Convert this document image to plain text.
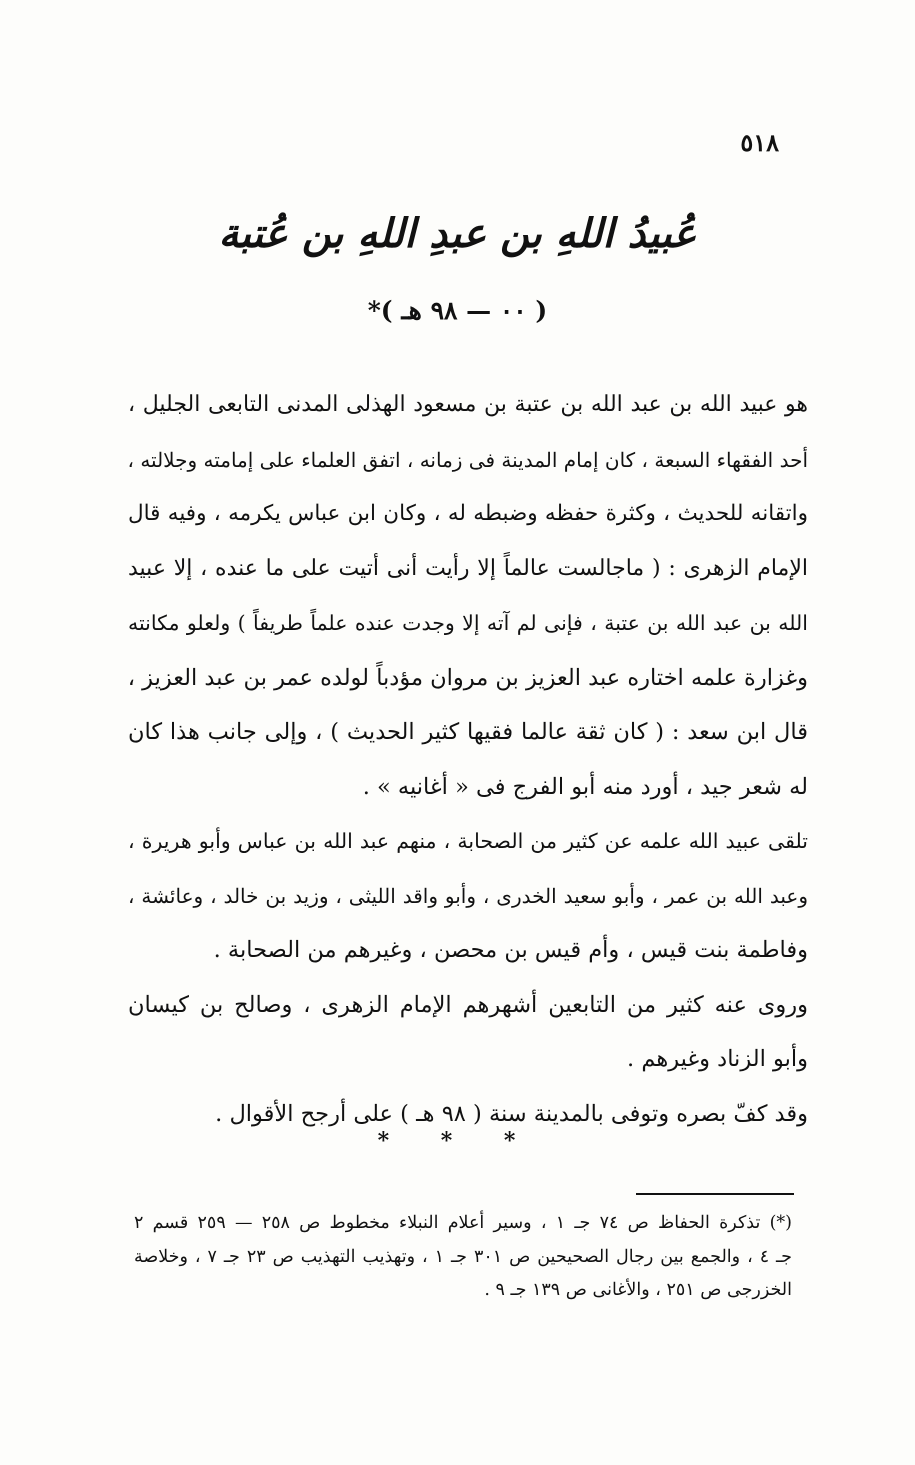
٥١٨
عُبيدُ اللهِ بن عبدِ اللهِ بن عُتبة
( ٠٠ — ٩٨ هـ )*
هو عبيد الله بن عبد الله بن عتبة بن مسعود الهذلى المدنى التابعى الجليل ،
أحد الفقهاء السبعة ، كان إمام المدينة فى زمانه ، اتفق العلماء على إمامته وجلالته ،
واتقانه للحديث ، وكثرة حفظه وضبطه له ، وكان ابن عباس يكرمه ، وفيه قال
الإمام الزهرى : ( ماجالست عالماً إلا رأيت أنى أتيت على ما عنده ، إلا عبيد
الله بن عبد الله بن عتبة ، فإنى لم آته إلا وجدت عنده علماً طريفاً ) ولعلو مكانته
وغزارة علمه اختاره عبد العزيز بن مروان مؤدباً لولده عمر بن عبد العزيز ،
قال ابن سعد : ( كان ثقة عالما فقيها كثير الحديث ) ، وإلى جانب هذا كان
له شعر جيد ، أورد منه أبو الفرج فى « أغانيه » .
تلقى عبيد الله علمه عن كثير من الصحابة ، منهم عبد الله بن عباس وأبو هريرة ،
وعبد الله بن عمر ، وأبو سعيد الخدرى ، وأبو واقد الليثى ، وزيد بن خالد ، وعائشة ،
وفاطمة بنت قيس ، وأم قيس بن محصن ، وغيرهم من الصحابة .
وروى عنه كثير من التابعين أشهرهم الإمام الزهرى ، وصالح بن كيسان
وأبو الزناد وغيرهم .
وقد كفّ بصره وتوفى بالمدينة سنة ( ٩٨ هـ ) على أرجح الأقوال .
* * *
(*) تذكرة الحفاظ ص ٧٤ جـ ١ ، وسير أعلام النبلاء مخطوط ص ٢٥٨ — ٢٥٩ قسم ٢
جـ ٤ ، والجمع بين رجال الصحيحين ص ٣٠١ جـ ١ ، وتهذيب التهذيب ص ٢٣ جـ ٧ ، وخلاصة
الخزرجى ص ٢٥١ ، والأغانى ص ١٣٩ جـ ٩ .
